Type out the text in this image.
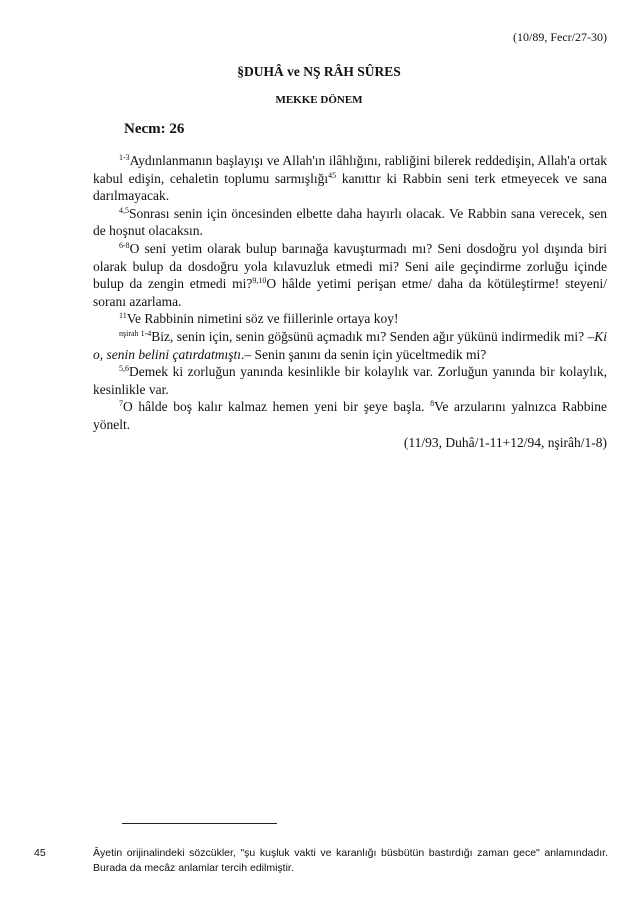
(10/89, Fecr/27-30)
§DUHÂ ve NŞ RÂH SÛRES
MEKKE DÖNEM
Necm: 26

$^{1-3}$Aydınlanmanın başlayışı ve Allah'ın ilâhlığını, rabliğini bilerek reddedişin, Allah'a ortak kabul edişin, cehaletin toplumu sarmışlığı$^{45}$ kanıttır ki Rabbin seni terk etmeyecek ve sana darılmayacak.

$^{4,5}$Sonrası senin için öncesinden elbette daha hayırlı olacak. Ve Rabbin sana verecek, sen de hoşnut olacaksın.

$^{6-8}$O seni yetim olarak bulup barınağa kavuşturmadı mı? Seni dosdoğru yol dışında biri olarak bulup da dosdoğru yola kılavuzluk etmedi mi? Seni aile geçindirme zorluğu içinde bulup da zengin etmedi mi?$^{9,10}$O hâlde yetimi perişan etme/ daha da kötüleştirme! steyeni/ soranı azarlama.

$^{11}$Ve Rabbinin nimetini söz ve fiillerinle ortaya koy!

$^{nşirah 1-4}$Biz, senin için, senin göğsünü açmadık mı? Senden ağır yükünü indirmedik mi? –Ki o, senin belini çatırdatmıştı.– Senin şanını da senin için yüceltmedik mi?

$^{5,6}$Demek ki zorluğun yanında kesinlikle bir kolaylık var. Zorluğun yanında bir kolaylık, kesinlikle var.

$^7$O hâlde boş kalır kalmaz hemen yeni bir şeye başla. $^8$Ve arzularını yalnızca Rabbine yönelt.

(11/93, Duhâ/1-11+12/94, nşirâh/1-8)

45	Âyetin orijinalindeki sözcükler, "şu kuşluk vakti ve karanlığı büsbütün bastırdığı zaman gece" anlamındadır. Burada da mecâz anlamlar tercih edilmiştir.
